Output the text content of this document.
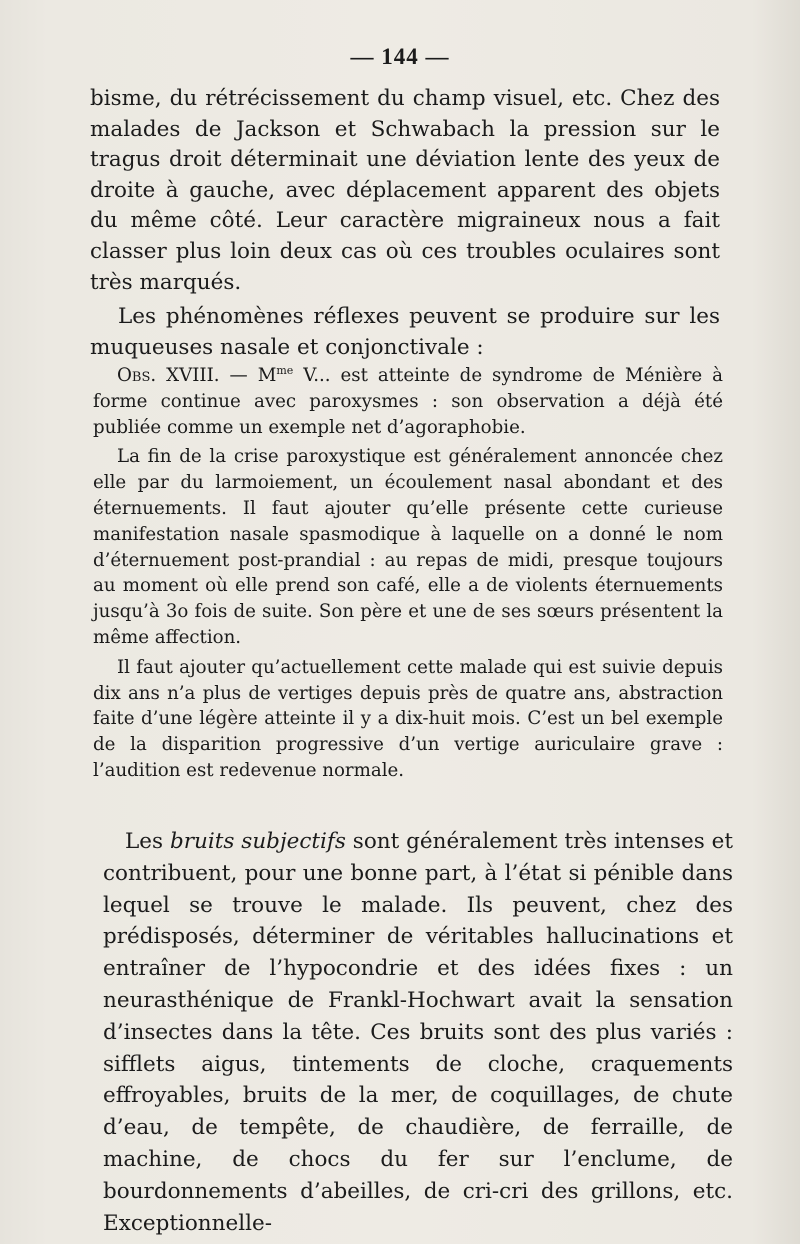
— 144 —

bisme, du rétrécissement du champ visuel, etc. Chez des malades de Jackson et Schwabach la pression sur le tragus droit déterminait une déviation lente des yeux de droite à gauche, avec déplacement apparent des objets du même côté. Leur caractère migraineux nous a fait classer plus loin deux cas où ces troubles oculaires sont très marqués.

Les phénomènes réflexes peuvent se produire sur les muqueuses nasale et conjonctivale :

Obs. XVIII. — $M^{me}$ V... est atteinte de syndrome de Ménière à forme continue avec paroxysmes : son observation a déjà été publiée comme un exemple net d’agoraphobie.

La fin de la crise paroxystique est généralement annoncée chez elle par du larmoiement, un écoulement nasal abondant et des éternuements. Il faut ajouter qu’elle présente cette curieuse manifestation nasale spasmodique à laquelle on a donné le nom d’éternuement post-prandial : au repas de midi, presque toujours au moment où elle prend son café, elle a de violents éternuements jusqu’à 3o fois de suite. Son père et une de ses sœurs présentent la même affection.

Il faut ajouter qu’actuellement cette malade qui est suivie depuis dix ans n’a plus de vertiges depuis près de quatre ans, abstraction faite d’une légère atteinte il y a dix-huit mois. C’est un bel exemple de la disparition progressive d’un vertige auriculaire grave : l’audition est redevenue normale.

Les bruits subjectifs sont généralement très intenses et contribuent, pour une bonne part, à l’état si pénible dans lequel se trouve le malade. Ils peuvent, chez des prédisposés, déterminer de véritables hallucinations et entraîner de l’hypocondrie et des idées fixes : un neurasthénique de Frankl-Hochwart avait la sensation d’insectes dans la tête. Ces bruits sont des plus variés : sifflets aigus, tintements de cloche, craquements effroyables, bruits de la mer, de coquillages, de chute d’eau, de tempête, de chaudière, de ferraille, de machine, de chocs du fer sur l’enclume, de bourdonnements d’abeilles, de cri-cri des grillons, etc. Exceptionnelle-
